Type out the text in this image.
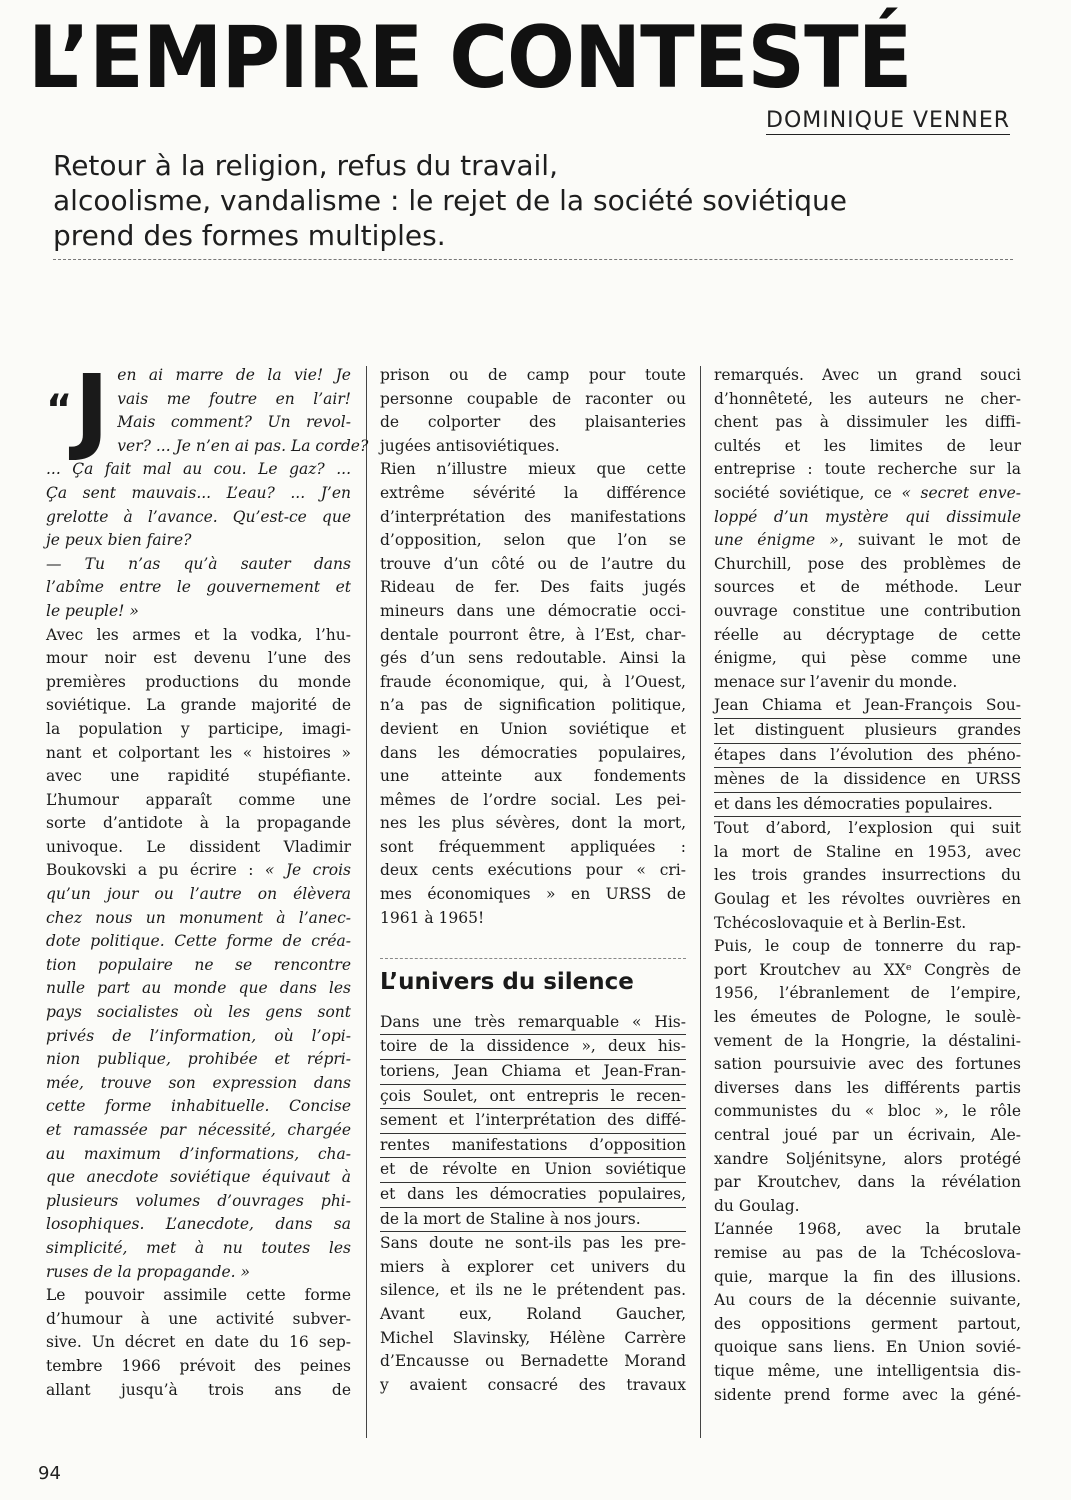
L’EMPIRE CONTESTÉ
DOMINIQUE VENNER
Retour à la religion, refus du travail,
alcoolisme, vandalisme : le rejet de la société soviétique
prend des formes multiples.
“ J en ai marre de la vie! Je
vais me foutre en l’air!
Mais comment? Un revol-
ver? ... Je n’en ai pas. La corde?
... Ça fait mal au cou. Le gaz? ...
Ça sent mauvais... L’eau? ... J’en
grelotte à l’avance. Qu’est-ce que
je peux bien faire?
— Tu n’as qu’à sauter dans
l’abîme entre le gouvernement et
le peuple! »

Avec les armes et la vodka, l’hu-
mour noir est devenu l’une des
premières productions du monde
soviétique. La grande majorité de
la population y participe, imagi-
nant et colportant les « histoires »
avec une rapidité stupéfiante.
L’humour apparaît comme une
sorte d’antidote à la propagande
univoque. Le dissident Vladimir
Boukovski a pu écrire : « Je crois
qu’un jour ou l’autre on élèvera
chez nous un monument à l’anec-
dote politique. Cette forme de créa-
tion populaire ne se rencontre
nulle part au monde que dans les
pays socialistes où les gens sont
privés de l’information, où l’opi-
nion publique, prohibée et répri-
mée, trouve son expression dans
cette forme inhabituelle. Concise
et ramassée par nécessité, chargée
au maximum d’informations, cha-
que anecdote soviétique équivaut à
plusieurs volumes d’ouvrages phi-
losophiques. L’anecdote, dans sa
simplicité, met à nu toutes les
ruses de la propagande. »

Le pouvoir assimile cette forme
d’humour à une activité subver-
sive. Un décret en date du 16 sep-
tembre 1966 prévoit des peines
allant jusqu’à trois ans de

prison ou de camp pour toute
personne coupable de raconter ou
de colporter des plaisanteries
jugées antisoviétiques.

Rien n’illustre mieux que cette
extrême sévérité la différence
d’interprétation des manifestations
d’opposition, selon que l’on se
trouve d’un côté ou de l’autre du
Rideau de fer. Des faits jugés
mineurs dans une démocratie occi-
dentale pourront être, à l’Est, char-
gés d’un sens redoutable. Ainsi la
fraude économique, qui, à l’Ouest,
n’a pas de signification politique,
devient en Union soviétique et
dans les démocraties populaires,
une atteinte aux fondements
mêmes de l’ordre social. Les pei-
nes les plus sévères, dont la mort,
sont fréquemment appliquées :
deux cents exécutions pour « cri-
mes économiques » en URSS de
1961 à 1965!

L’univers du silence

Dans une très remarquable « His-
toire de la dissidence », deux his-
toriens, Jean Chiama et Jean-Fran-
çois Soulet, ont entrepris le recen-
sement et l’interprétation des diffé-
rentes manifestations d’opposition
et de révolte en Union soviétique
et dans les démocraties populaires,
de la mort de Staline à nos jours.

Sans doute ne sont-ils pas les pre-
miers à explorer cet univers du
silence, et ils ne le prétendent pas.
Avant eux, Roland Gaucher,
Michel Slavinsky, Hélène Carrère
d’Encausse ou Bernadette Morand
y avaient consacré des travaux

remarqués. Avec un grand souci
d’honnêteté, les auteurs ne cher-
chent pas à dissimuler les diffi-
cultés et les limites de leur
entreprise : toute recherche sur la
société soviétique, ce « secret enve-
loppé d’un mystère qui dissimule
une énigme », suivant le mot de
Churchill, pose des problèmes de
sources et de méthode. Leur
ouvrage constitue une contribution
réelle au décryptage de cette
énigme, qui pèse comme une
menace sur l’avenir du monde.

Jean Chiama et Jean-François Sou-
let distinguent plusieurs grandes
étapes dans l’évolution des phéno-
mènes de la dissidence en URSS
et dans les démocraties populaires.

Tout d’abord, l’explosion qui suit
la mort de Staline en 1953, avec
les trois grandes insurrections du
Goulag et les révoltes ouvrières en
Tchécoslovaquie et à Berlin-Est.

Puis, le coup de tonnerre du rap-
port Kroutchev au XXᵉ Congrès de
1956, l’ébranlement de l’empire,
les émeutes de Pologne, le soulè-
vement de la Hongrie, la déstalini-
sation poursuivie avec des fortunes
diverses dans les différents partis
communistes du « bloc », le rôle
central joué par un écrivain, Ale-
xandre Soljénitsyne, alors protégé
par Kroutchev, dans la révélation
du Goulag.

L’année 1968, avec la brutale
remise au pas de la Tchécoslova-
quie, marque la fin des illusions.
Au cours de la décennie suivante,
des oppositions germent partout,
quoique sans liens. En Union sovié-
tique même, une intelligentsia dis-
sidente prend forme avec la géné-

94
